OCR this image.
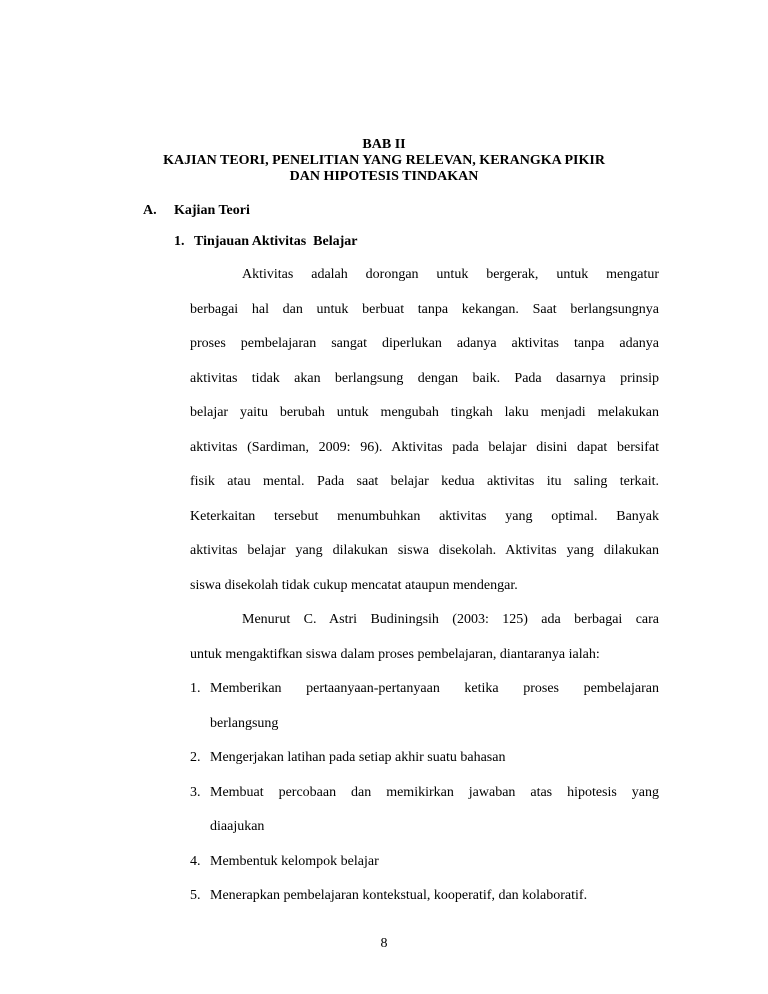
BAB II
KAJIAN TEORI, PENELITIAN YANG RELEVAN, KERANGKA PIKIR
DAN HIPOTESIS TINDAKAN
A. Kajian Teori
1. Tinjauan Aktivitas  Belajar
Aktivitas adalah dorongan untuk bergerak, untuk mengatur
berbagai hal dan untuk berbuat tanpa kekangan. Saat berlangsungnya
proses pembelajaran sangat diperlukan adanya aktivitas tanpa adanya
aktivitas tidak akan berlangsung dengan baik. Pada dasarnya prinsip
belajar yaitu berubah untuk mengubah tingkah laku menjadi melakukan
aktivitas (Sardiman, 2009: 96). Aktivitas pada belajar disini dapat bersifat
fisik atau mental. Pada saat belajar kedua aktivitas itu saling terkait.
Keterkaitan tersebut menumbuhkan aktivitas yang optimal. Banyak
aktivitas belajar yang dilakukan siswa disekolah. Aktivitas yang dilakukan
siswa disekolah tidak cukup mencatat ataupun mendengar.
Menurut C. Astri Budiningsih (2003: 125) ada berbagai cara
untuk mengaktifkan siswa dalam proses pembelajaran, diantaranya ialah:
1. Memberikan pertaanyaan-pertanyaan ketika proses pembelajaran
berlangsung
2. Mengerjakan latihan pada setiap akhir suatu bahasan
3. Membuat percobaan dan memikirkan jawaban atas hipotesis yang
diaajukan
4. Membentuk kelompok belajar
5. Menerapkan pembelajaran kontekstual, kooperatif, dan kolaboratif.
8
